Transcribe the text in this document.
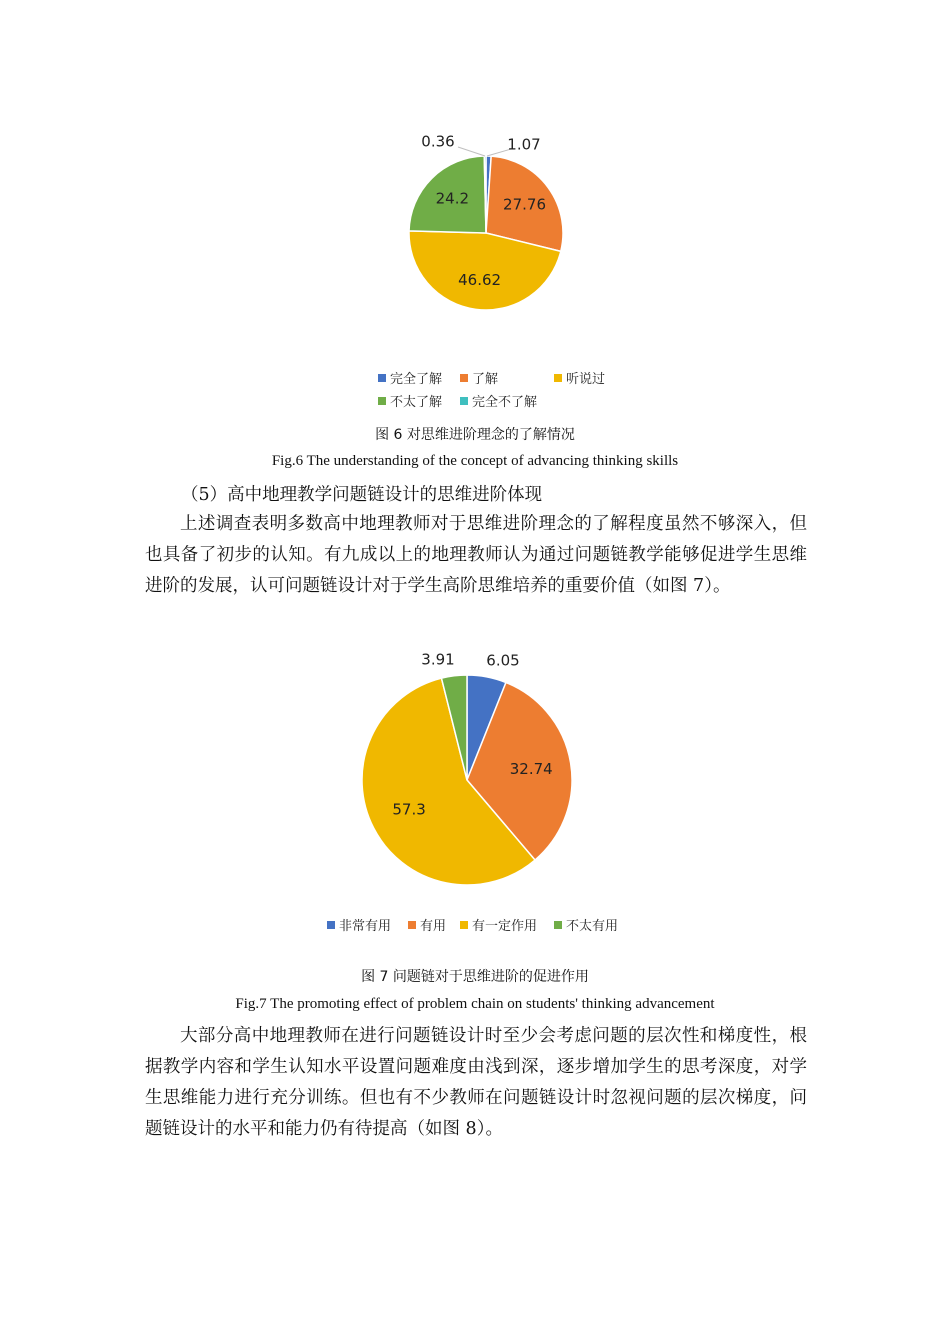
1.07
27.76
46.62
24.2
0.36
完全了解 了解	听说过
不太了解 完全不了解
图 6 对思维进阶理念的了解情况
Fig.6 The understanding of the concept of advancing thinking skills
（5）高中地理教学问题链设计的思维进阶体现
上述调查表明多数高中地理教师对于思维进阶理念的了解程度虽然不够深入，但也具备了初步的认知。有九成以上的地理教师认为通过问题链教学能够促进学生思维进阶的发展，认可问题链设计对于学生高阶思维培养的重要价值（如图 7）。
6.05
32.74
57.3
3.91
非常有用 有用 有一定作用 不太有用
图 7 问题链对于思维进阶的促进作用
Fig.7 The promoting effect of problem chain on students' thinking advancement
大部分高中地理教师在进行问题链设计时至少会考虑问题的层次性和梯度性，根据教学内容和学生认知水平设置问题难度由浅到深，逐步增加学生的思考深度，对学生思维能力进行充分训练。但也有不少教师在问题链设计时忽视问题的层次梯度，问题链设计的水平和能力仍有待提高（如图 8）。
